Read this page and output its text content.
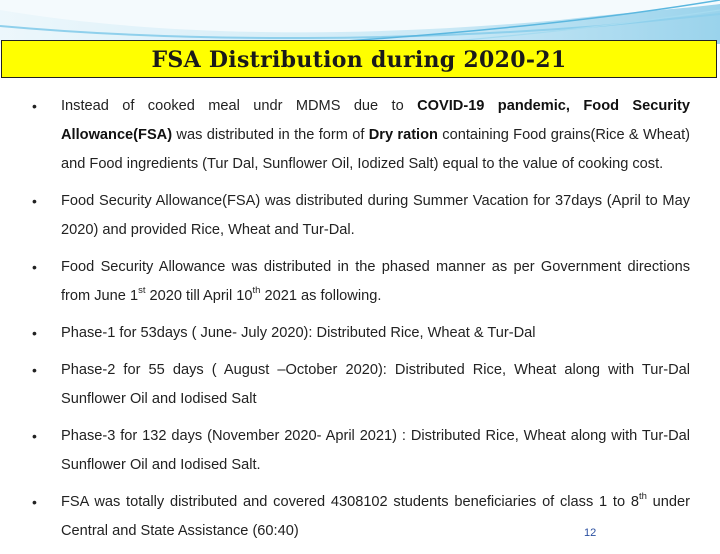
FSA Distribution during 2020-21
• Instead of cooked meal undr MDMS due to COVID-19 pandemic, Food Security Allowance(FSA) was distributed in the form of Dry ration containing Food grains(Rice & Wheat) and Food ingredients (Tur Dal, Sunflower Oil, Iodized Salt) equal to the value of cooking cost.
• Food Security Allowance(FSA) was distributed during Summer Vacation for 37days (April to May 2020) and provided Rice, Wheat and Tur-Dal.
• Food Security Allowance was distributed in the phased manner as per Government directions from June 1st 2020 till April 10th 2021 as following.
• Phase-1 for 53days ( June- July 2020): Distributed Rice, Wheat & Tur-Dal
• Phase-2 for 55 days ( August –October 2020): Distributed Rice, Wheat along with Tur-Dal Sunflower Oil and Iodised Salt
• Phase-3 for 132 days (November 2020- April 2021) : Distributed Rice, Wheat along with Tur-Dal Sunflower Oil and Iodised Salt.
• FSA was totally distributed and covered 4308102 students beneficiaries of class 1 to 8th under Central and State Assistance (60:40)	12
